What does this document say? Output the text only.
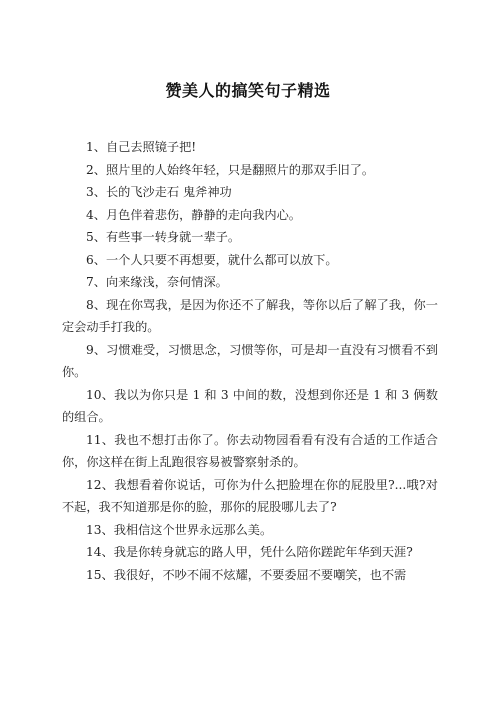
赞美人的搞笑句子精选

1、自己去照镜子把!

2、照片里的人始终年轻，只是翻照片的那双手旧了。

3、长的飞沙走石 鬼斧神功

4、月色伴着悲伤，静静的走向我内心。

5、有些事一转身就一辈子。

6、一个人只要不再想要，就什么都可以放下。

7、向来缘浅，奈何情深。

8、现在你骂我，是因为你还不了解我，等你以后了解了我，你一定会动手打我的。

9、习惯难受，习惯思念，习惯等你，可是却一直没有习惯看不到你。

10、我以为你只是 1 和 3 中间的数，没想到你还是 1 和 3 俩数的组合。

11、我也不想打击你了。你去动物园看看有没有合适的工作适合你，你这样在街上乱跑很容易被警察射杀的。

12、我想看着你说话，可你为什么把脸埋在你的屁股里?...哦?对不起，我不知道那是你的脸，那你的屁股哪儿去了?

13、我相信这个世界永远那么美。

14、我是你转身就忘的路人甲，凭什么陪你蹉跎年华到天涯?

15、我很好，不吵不闹不炫耀，不要委屈不要嘲笑，也不需
